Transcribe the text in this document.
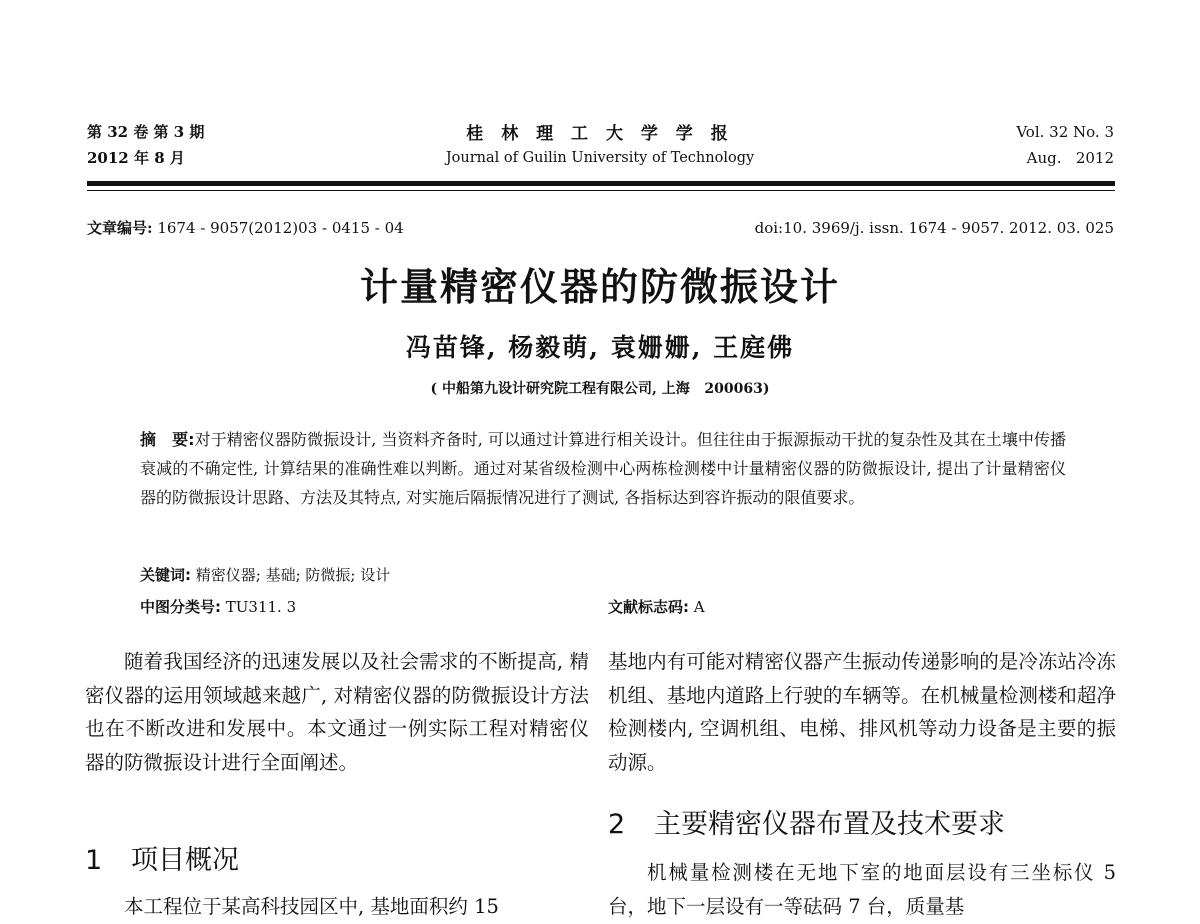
第 32 卷 第 3 期
2012 年 8 月
桂 林 理 工 大 学 学 报
Journal of Guilin University of Technology
Vol. 32 No. 3
Aug.   2012
文章编号: 1674 - 9057(2012)03 - 0415 - 04	doi:10. 3969/j. issn. 1674 - 9057. 2012. 03. 025
计量精密仪器的防微振设计
冯苗锋, 杨毅萌, 袁姗姗, 王庭佛
( 中船第九设计研究院工程有限公司, 上海   200063)
摘　要:对于精密仪器防微振设计, 当资料齐备时, 可以通过计算进行相关设计。但往往由于振源振动干扰的复杂性及其在土壤中传播衰减的不确定性, 计算结果的准确性难以判断。通过对某省级检测中心两栋检测楼中计量精密仪器的防微振设计, 提出了计量精密仪器的防微振设计思路、方法及其特点, 对实施后隔振情况进行了测试, 各指标达到容许振动的限值要求。
关键词: 精密仪器; 基础; 防微振; 设计
中图分类号: TU311. 3	文献标志码: A
随着我国经济的迅速发展以及社会需求的不断提高, 精密仪器的运用领域越来越广, 对精密仪器的防微振设计方法也在不断改进和发展中。本文通过一例实际工程对精密仪器的防微振设计进行全面阐述。
1 项目概况
本工程位于某高科技园区中, 基地面积约 15
基地内有可能对精密仪器产生振动传递影响的是冷冻站冷冻机组、基地内道路上行驶的车辆等。在机械量检测楼和超净检测楼内, 空调机组、电梯、排风机等动力设备是主要的振动源。
2 主要精密仪器布置及技术要求
机械量检测楼在无地下室的地面层设有三坐标仪 5 台，地下一层设有一等砝码 7 台，质量基
